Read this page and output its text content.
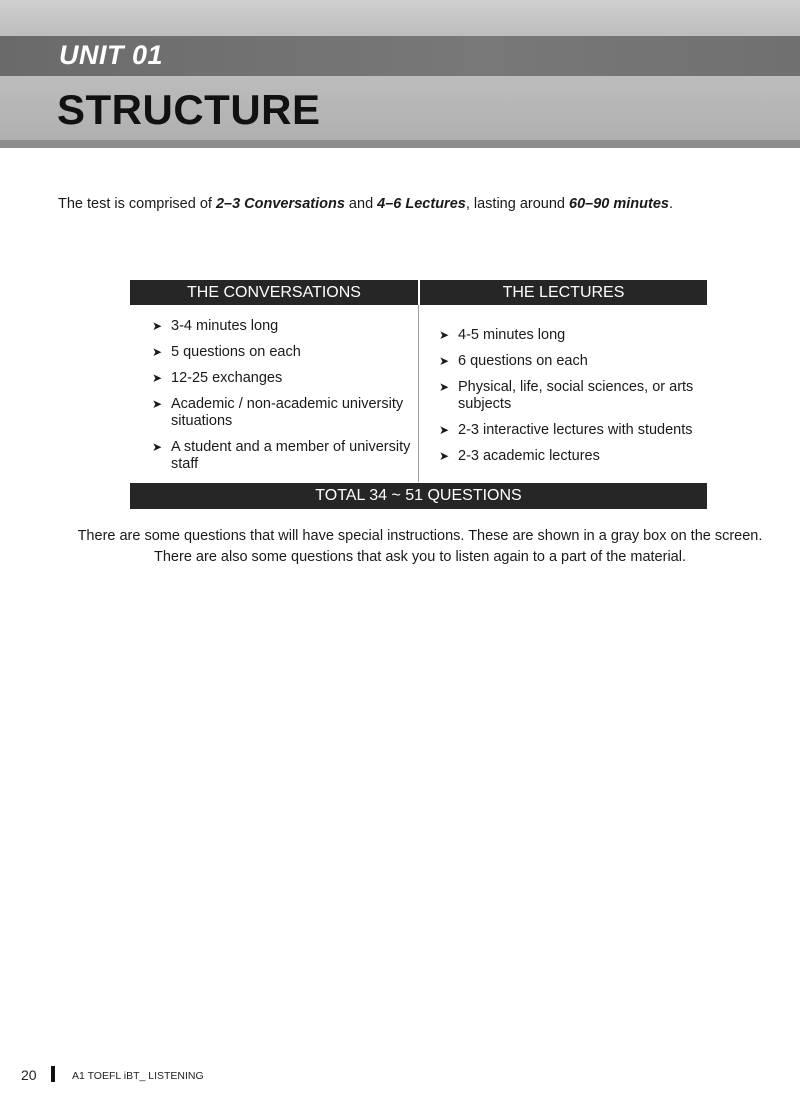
UNIT 01
STRUCTURE
The test is comprised of 2–3 Conversations and 4–6 Lectures, lasting around 60–90 minutes.
THE CONVERSATIONS	THE LECTURES
➤ 3-4 minutes long
➤ 5 questions on each
➤ 12-25 exchanges
➤ Academic / non-academic university situations
➤ A student and a member of university staff
➤ 4-5 minutes long
➤ 6 questions on each
➤ Physical, life, social sciences, or arts subjects
➤ 2-3 interactive lectures with students
➤ 2-3 academic lectures
TOTAL 34 ~ 51 QUESTIONS
There are some questions that will have special instructions. These are shown in a gray box on the screen.
There are also some questions that ask you to listen again to a part of the material.
20	A1 TOEFL iBT_ LISTENING
